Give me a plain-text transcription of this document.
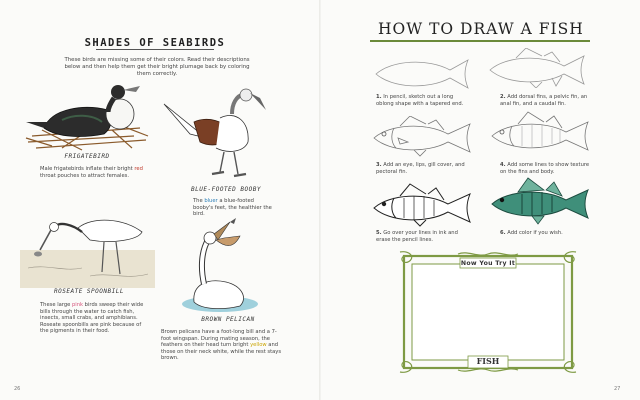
SHADES OF SEABIRDS
These birds are missing some of their colors. Read their descriptions below and then help them get their bright plumage back by coloring them correctly.
FRIGATEBIRD
Male frigatebirds inflate their bright red throat pouches to attract females.
BLUE-FOOTED BOOBY
The bluer a blue-footed booby's feet, the healthier the bird.
ROSEATE SPOONBILL
These large pink birds sweep their wide bills through the water to catch fish, insects, small crabs, and amphibians. Roseate spoonbills are pink because of the pigments in their food.
BROWN PELICAN
Brown pelicans have a foot-long bill and a 7-foot wingspan. During mating season, the feathers on their head turn bright yellow and those on their neck white, while the rest stays brown.
26
HOW TO DRAW A FISH
1. In pencil, sketch out a long oblong shape with a tapered end.
2. Add dorsal fins, a pelvic fin, an anal fin, and a caudal fin.
3. Add an eye, lips, gill cover, and pectoral fin.
4. Add some lines to show texture on the fins and body.
5. Go over your lines in ink and erase the pencil lines.
6. Add color if you wish.
Now You Try It
FISH
27
